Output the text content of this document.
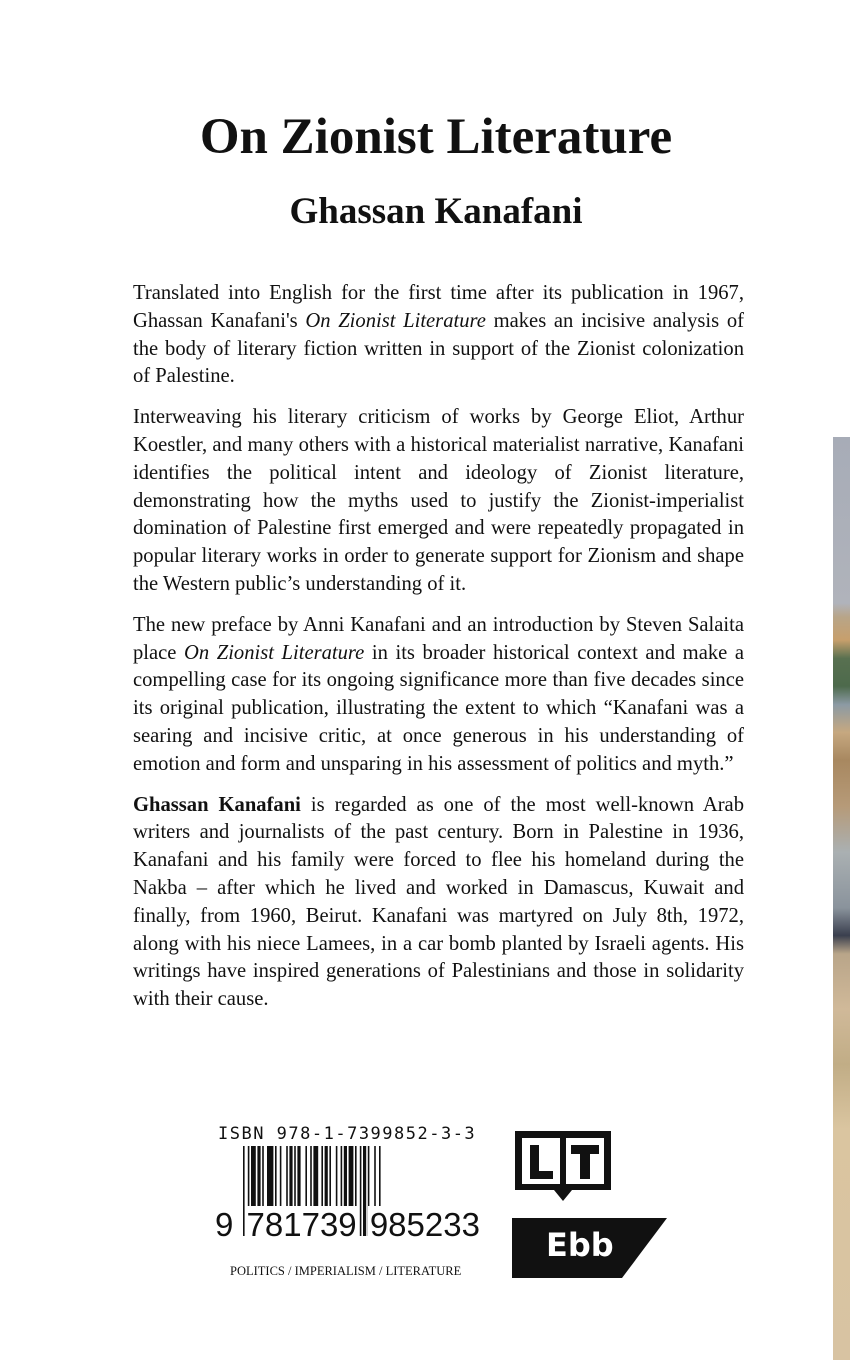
On Zionist Literature
Ghassan Kanafani

Translated into English for the first time after its publication in 1967, Ghassan Kanafani's On Zionist Literature makes an incisive analysis of the body of literary fiction written in support of the Zionist colonization of Palestine.

Interweaving his literary criticism of works by George Eliot, Arthur Koestler, and many others with a historical materialist narrative, Kanafani identifies the political intent and ideology of Zionist literature, demonstrating how the myths used to justify the Zionist-imperialist domination of Palestine first emerged and were repeatedly propagated in popular literary works in order to generate support for Zionism and shape the Western public’s understanding of it.

The new preface by Anni Kanafani and an introduction by Steven Salaita place On Zionist Literature in its broader historical context and make a compelling case for its ongoing significance more than five decades since its original publication, illustrating the extent to which “Kanafani was a searing and incisive critic, at once generous in his understanding of emotion and form and unsparing in his assessment of politics and myth.”

Ghassan Kanafani is regarded as one of the most well-known Arab writers and journalists of the past century. Born in Palestine in 1936, Kanafani and his family were forced to flee his homeland during the Nakba – after which he lived and worked in Damascus, Kuwait and finally, from 1960, Beirut. Kanafani was martyred on July 8th, 1972, along with his niece Lamees, in a car bomb planted by Israeli agents. His writings have inspired generations of Palestinians and those in solidarity with their cause.

ISBN 978-1-7399852-3-3
9 781739 985233
POLITICS / IMPERIALISM / LITERATURE
Ebb
